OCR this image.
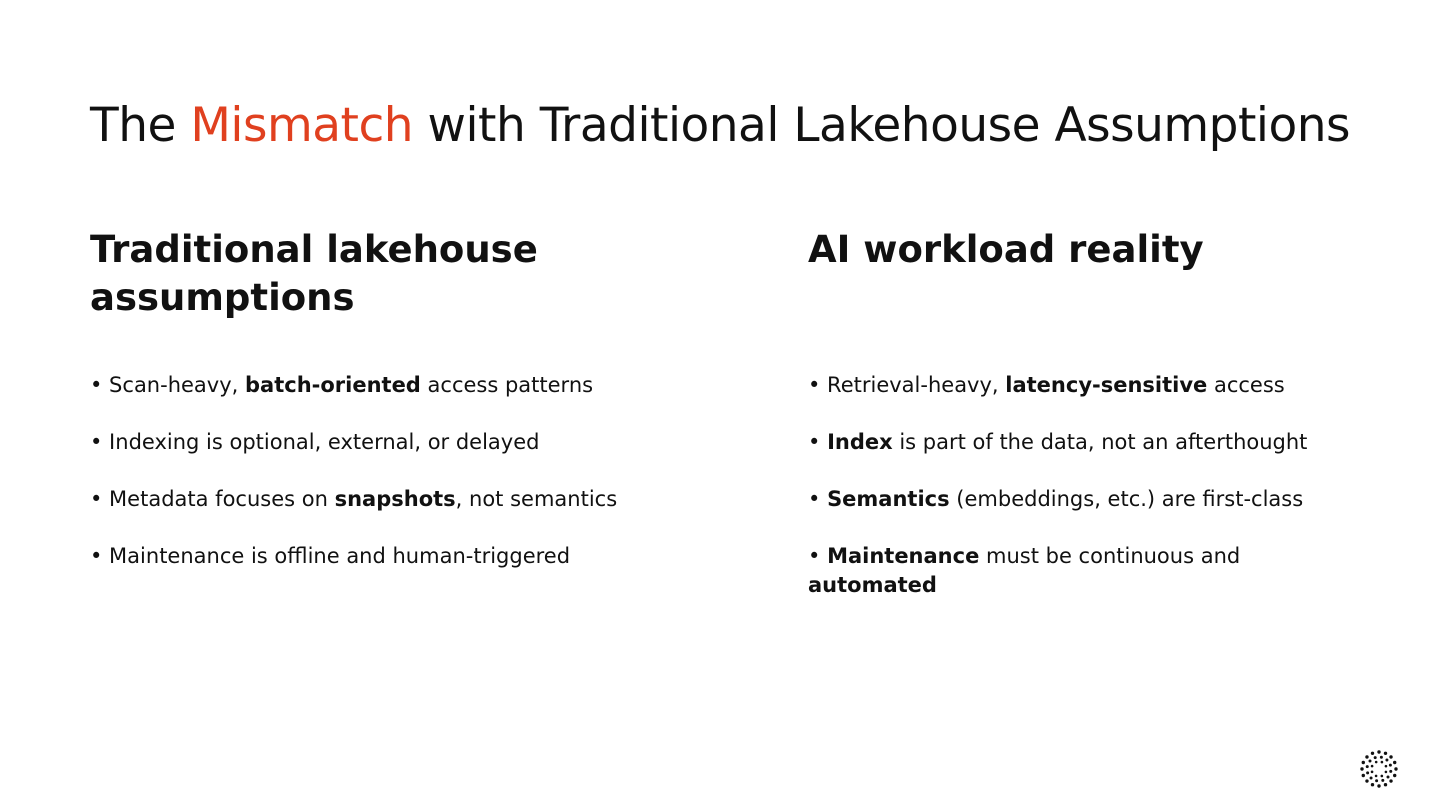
The Mismatch with Traditional Lakehouse Assumptions
Traditional lakehouse assumptions
• Scan-heavy, batch-oriented access patterns
• Indexing is optional, external, or delayed
• Metadata focuses on snapshots, not semantics
• Maintenance is offline and human-triggered
AI workload reality
• Retrieval-heavy, latency-sensitive access
• Index is part of the data, not an afterthought
• Semantics (embeddings, etc.) are first-class
• Maintenance must be continuous and automated
